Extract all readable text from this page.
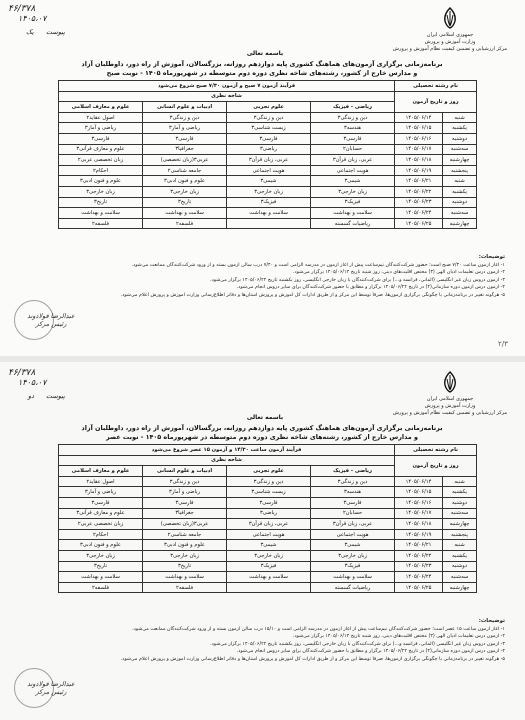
۴۶/۳۷۸
۱۴۰۵،۰۷
پیوست
یک	جمهوری اسلامی ایران
وزارت آموزش و پرورش
مرکز ارزشیابی و تضمین کیفیت نظام آموزش و پرورش
باسمه تعالی
برنامه‌زمانی برگزاری آزمون‌های هماهنگ کشوری پایه دوازدهم روزانه، بزرگسالان، آموزش از راه دور، داوطلبان آزاد
و مدارس خارج از کشور، رشته‌های شاخه نظری دوره دوم متوسطه در شهریورماه ۱۴۰۵ - نوبت صبح
نام رشته تحصیلی		فرآیند آزمون ۷ صبح و آزمون ۷/۳۰ صبح شروع می‌شود			
روز و تاریخ آزمون		شاخه نظری			
		ریاضی - فیزیک	علوم تجربی	ادبیات و علوم انسانی	علوم و معارف اسلامی
شنبه	۱۴۰۵/۰۶/۱۴	دین و زندگی۳	دین و زندگی۳	دین و زندگی۳	اصول عقاید۲
یکشنبه	۱۴۰۵/۰۶/۱۵	هندسه۳	زیست شناسی۳	ریاضی و آمار۳	ریاضی و آمار۳
دوشنبه	۱۴۰۵/۰۶/۱۶	فارسی۳	فارسی۳	فارسی۳	فارسی۳
سه‌شنبه	۱۴۰۵/۰۶/۱۷	حسابان۲	ریاضی۳	جغرافیا۳	علوم و معارف قرآنی۳
چهارشنبه	۱۴۰۵/۰۶/۱۸	عربی، زبان قرآن۳	عربی، زبان قرآن۳	عربی۳(زبان تخصصی)	زبان تخصصی عربی۲
پنجشنبه	۱۴۰۵/۰۶/۱۹	هویت اجتماعی	هویت اجتماعی	جامعه شناسی۲	احکام۲
شنبه	۱۴۰۵/۰۶/۲۱	شیمی۳	شیمی۳	علوم و فنون ادبی۳	علوم و فنون ادبی۳
یکشنبه	۱۴۰۵/۰۶/۲۲	زبان خارجی۳	زبان خارجی۳	زبان خارجی۳	زبان خارجی۳
دوشنبه	۱۴۰۵/۰۶/۲۳	فیزیک۳	فیزیک۳	تاریخ۳	تاریخ۳
سه‌شنبه	۱۴۰۵/۰۶/۲۴	سلامت و بهداشت	سلامت و بهداشت	سلامت و بهداشت	سلامت و بهداشت
چهارشنبه	۱۴۰۵/۰۶/۲۵	ریاضیات گسسته		فلسفه۲	فلسفه۲
توضیحات:
۱- آغاز آزمون ساعت ۷/۳۰ صبح است؛ حضور شرکت‌کنندگان نیم‌ساعت پیش از آغاز آزمون در مدرسه الزامی است و ۷/۴۰ درب سالن آزمون بسته و از ورود شرکت‌کنندگان ممانعت می‌شود.
۲- آزمون درس تعلیمات ادیان الهی (۳) مختص اقلیت‌های دینی، روز شنبه تاریخ ۱۴۰۵/۰۶/۱۴ برگزار می‌شود.
۳- آزمون دروس زبان غیر انگلیسی (آلمانی، فرانسه و...) برای شرکت‌کنندگان با زبان خارجی انگلیسی، روز یکشنبه تاریخ ۱۴۰۵/۰۶/۲۲ برگزار می‌شود.
۴- آزمون درس آزمون دوره سازمانی(۴) در تاریخ ۱۴۰۵/۰۶/۲۲ برگزار و مطابق با حضور شرکت‌کنندگان برای سایر دروس انجام می‌شود.
۵- هرگونه تغییر در برنامه‌زمانی یا چگونگی برگزاری آزمون‌ها، صرفاً توسط این مرکز و از طریق ادارات کل آموزش و پرورش استان‌ها و دفاتر اطلاع‌رسانی وزارت آموزش و پرورش اعلام می‌شود.
عبدالرضا فولادوند
رئیس مرکز
۲/۳
۴۶/۳۷۸
۱۴۰۵،۰۷
پیوست
دو	جمهوری اسلامی ایران
وزارت آموزش و پرورش
مرکز ارزشیابی و تضمین کیفیت نظام آموزش و پرورش
باسمه تعالی
برنامه‌زمانی برگزاری آزمون‌های هماهنگ کشوری پایه دوازدهم روزانه، بزرگسالان، آموزش از راه دور، داوطلبان آزاد
و مدارس خارج از کشور، رشته‌های شاخه نظری دوره دوم متوسطه در شهریورماه ۱۴۰۵ - نوبت عصر
نام رشته تحصیلی		فرآیند آزمون ساعت ۱۴/۳۰ و آزمون ۱۵ عصر شروع می‌شود			
روز و تاریخ آزمون		شاخه نظری			
		ریاضی - فیزیک	علوم تجربی	ادبیات و علوم انسانی	علوم و معارف اسلامی
شنبه	۱۴۰۵/۰۶/۱۴	دین و زندگی۳	دین و زندگی۳	دین و زندگی۳	اصول عقاید۲
یکشنبه	۱۴۰۵/۰۶/۱۵	هندسه۳	زیست شناسی۳	ریاضی و آمار۳	ریاضی و آمار۳
دوشنبه	۱۴۰۵/۰۶/۱۶	فارسی۳	فارسی۳	فارسی۳	فارسی۳
سه‌شنبه	۱۴۰۵/۰۶/۱۷	حسابان۲	ریاضی۳	جغرافیا۳	علوم و معارف قرآنی۳
چهارشنبه	۱۴۰۵/۰۶/۱۸	عربی، زبان قرآن۳	عربی، زبان قرآن۳	عربی۳(زبان تخصصی)	زبان تخصصی عربی۲
پنجشنبه	۱۴۰۵/۰۶/۱۹	هویت اجتماعی	هویت اجتماعی	جامعه شناسی۲	احکام۲
شنبه	۱۴۰۵/۰۶/۲۱	شیمی۳	شیمی۳	علوم و فنون ادبی۳	علوم و فنون ادبی۳
یکشنبه	۱۴۰۵/۰۶/۲۲	زبان خارجی۳	زبان خارجی۳	زبان خارجی۳	زبان خارجی۳
دوشنبه	۱۴۰۵/۰۶/۲۳	فیزیک۳	فیزیک۳	تاریخ۳	تاریخ۳
سه‌شنبه	۱۴۰۵/۰۶/۲۴	سلامت و بهداشت	سلامت و بهداشت	سلامت و بهداشت	سلامت و بهداشت
چهارشنبه	۱۴۰۵/۰۶/۲۵	ریاضیات گسسته		فلسفه۲	فلسفه۲
توضیحات:
۱- آغاز آزمون ساعت ۱۵ عصر است؛ حضور شرکت‌کنندگان نیم‌ساعت پیش از آغاز آزمون در مدرسه الزامی است و ۱۵/۱۰ درب سالن آزمون بسته و از ورود شرکت‌کنندگان ممانعت می‌شود.
۲- آزمون درس تعلیمات ادیان الهی (۳) مختص اقلیت‌های دینی، روز شنبه تاریخ ۱۴۰۵/۰۶/۱۴ برگزار می‌شود.
۳- آزمون دروس زبان غیر انگلیسی (آلمانی، فرانسه و...) برای شرکت‌کنندگان با زبان خارجی انگلیسی، روز یکشنبه تاریخ ۱۴۰۵/۰۶/۲۲ برگزار می‌شود.
۴- آزمون درس آزمون دوره سازمانی(۴) در تاریخ ۱۴۰۵/۰۶/۲۲ برگزار و مطابق با حضور شرکت‌کنندگان برای سایر دروس انجام می‌شود.
۵- هرگونه تغییر در برنامه‌زمانی یا چگونگی برگزاری آزمون‌ها، صرفاً توسط این مرکز و از طریق ادارات کل آموزش و پرورش استان‌ها و دفاتر اطلاع‌رسانی وزارت آموزش و پرورش اعلام می‌شود.
عبدالرضا فولادوند
رئیس مرکز
